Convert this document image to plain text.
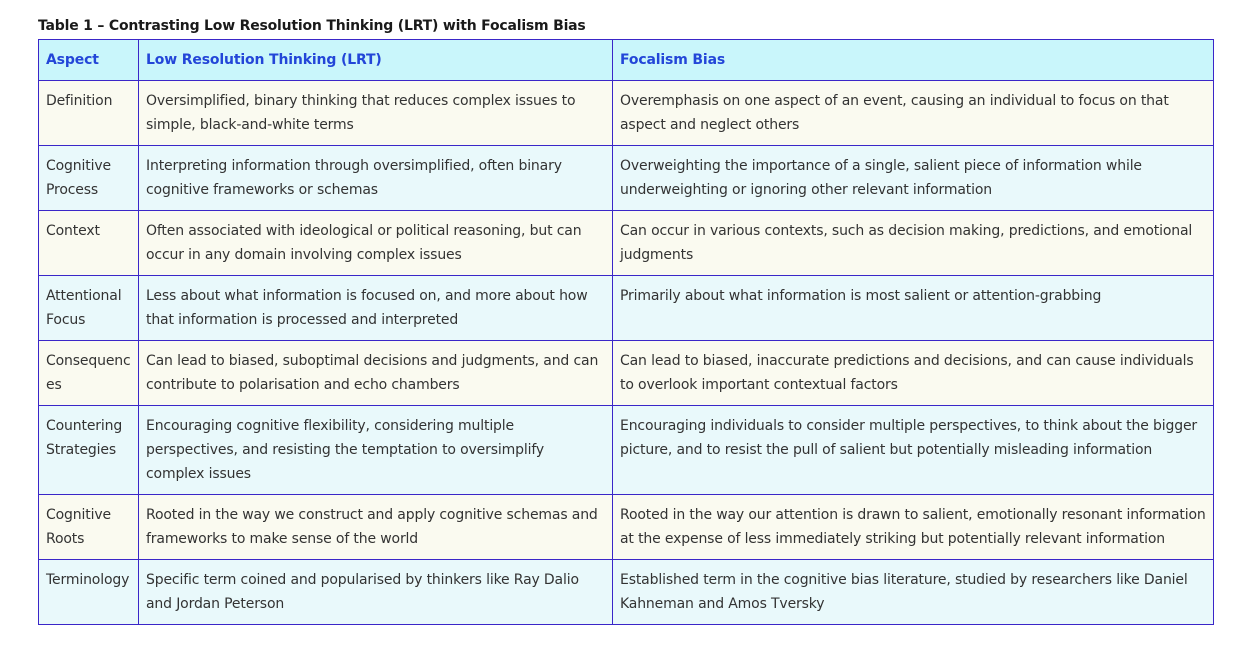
Table 1 – Contrasting Low Resolution Thinking (LRT) with Focalism Bias
Aspect	Low Resolution Thinking (LRT)	Focalism Bias
Definition	Oversimplified, binary thinking that reduces complex issues to simple, black-and-white terms	Overemphasis on one aspect of an event, causing an individual to focus on that aspect and neglect others
Cognitive Process	Interpreting information through oversimplified, often binary cognitive frameworks or schemas	Overweighting the importance of a single, salient piece of information while underweighting or ignoring other relevant information
Context	Often associated with ideological or political reasoning, but can occur in any domain involving complex issues	Can occur in various contexts, such as decision making, predictions, and emotional judgments
Attentional Focus	Less about what information is focused on, and more about how that information is processed and interpreted	Primarily about what information is most salient or attention-grabbing
Consequences	Can lead to biased, suboptimal decisions and judgments, and can contribute to polarisation and echo chambers	Can lead to biased, inaccurate predictions and decisions, and can cause individuals to overlook important contextual factors
Countering Strategies	Encouraging cognitive flexibility, considering multiple perspectives, and resisting the temptation to oversimplify complex issues	Encouraging individuals to consider multiple perspectives, to think about the bigger picture, and to resist the pull of salient but potentially misleading information
Cognitive Roots	Rooted in the way we construct and apply cognitive schemas and frameworks to make sense of the world	Rooted in the way our attention is drawn to salient, emotionally resonant information at the expense of less immediately striking but potentially relevant information
Terminology	Specific term coined and popularised by thinkers like Ray Dalio and Jordan Peterson	Established term in the cognitive bias literature, studied by researchers like Daniel Kahneman and Amos Tversky
